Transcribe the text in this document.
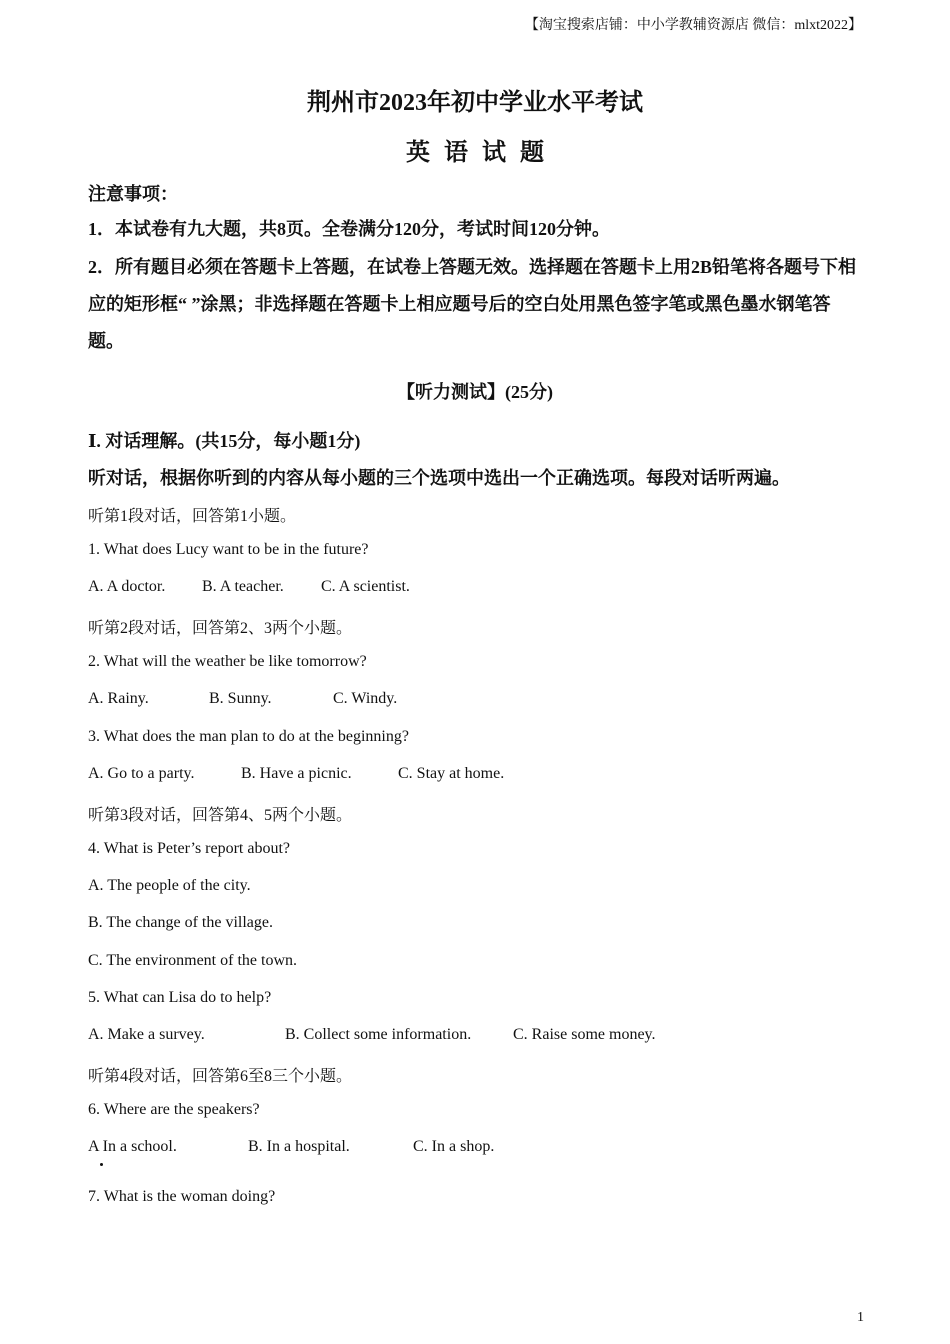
【淘宝搜索店铺：中小学教辅资源店 微信：mlxt2022】
荆州市2023年初中学业水平考试
英语试题
注意事项：
1．本试卷有九大题，共8页。全卷满分120分，考试时间120分钟。
2．所有题目必须在答题卡上答题，在试卷上答题无效。选择题在答题卡上用2B铅笔将各题号下相应的矩形框“ ”涂黑；非选择题在答题卡上相应题号后的空白处用黑色签字笔或黑色墨水钢笔答题。
【听力测试】(25分)
Ⅰ. 对话理解。(共15分，每小题1分)
听对话，根据你听到的内容从每小题的三个选项中选出一个正确选项。每段对话听两遍。
听第1段对话，回答第1小题。
1. What does Lucy want to be in the future?
A. A doctor. B. A teacher. C. A scientist.
听第2段对话，回答第2、3两个小题。
2. What will the weather be like tomorrow?
A. Rainy.	B. Sunny.	C. Windy.
3. What does the man plan to do at the beginning?
A. Go to a party.	B. Have a picnic.	C. Stay at home.
听第3段对话，回答第4、5两个小题。
4. What is Peter’s report about?
A. The people of the city.
B. The change of the village.
C. The environment of the town.
5. What can Lisa do to help?
A. Make a survey.	B. Collect some information.	C. Raise some money.
听第4段对话，回答第6至8三个小题。
6. Where are the speakers?
A In a school.	B. In a hospital.	C. In a shop.
7. What is the woman doing?
1
